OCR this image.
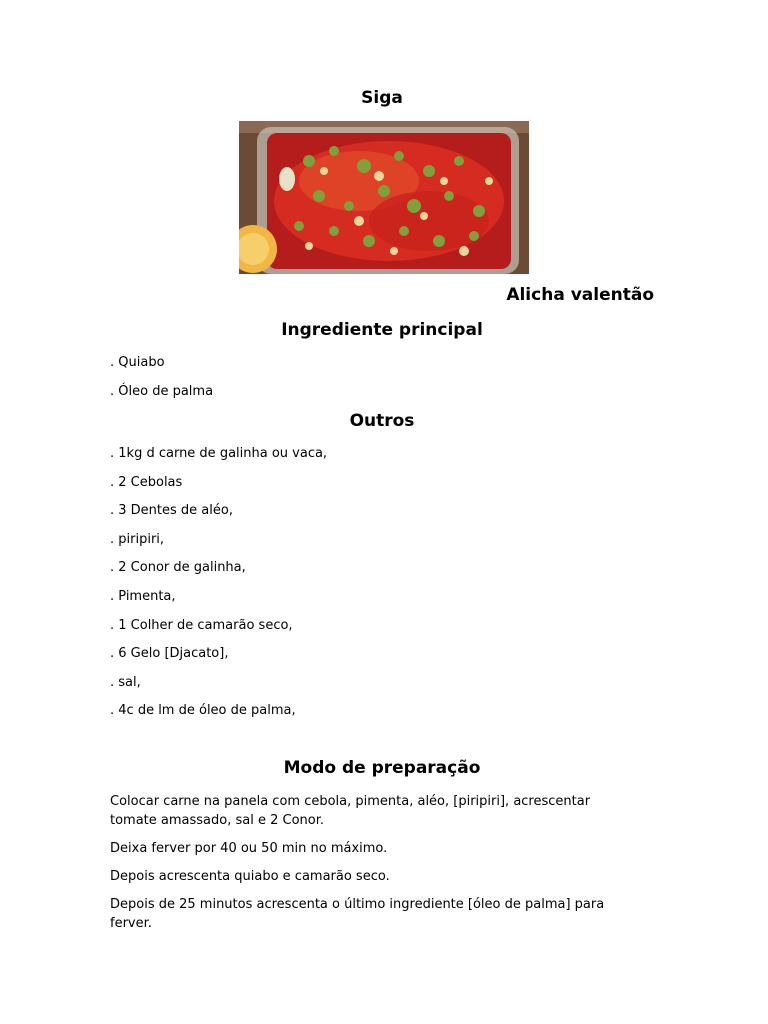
Siga
Alicha valentão
Ingrediente principal
. Quiabo
. Óleo de palma
Outros
. 1kg d carne de galinha ou vaca,
. 2 Cebolas
. 3 Dentes de aléo,
. piripiri,
. 2 Conor de galinha,
. Pimenta,
. 1 Colher de camarão seco,
. 6 Gelo [Djacato],
. sal,
. 4c de lm de óleo de palma,
Modo de preparação

Colocar carne na panela com cebola, pimenta, aléo, [piripiri], acrescentar tomate amassado, sal e 2 Conor.

Deixa ferver por 40 ou 50 min no máximo.

Depois acrescenta quiabo e camarão seco.

Depois de 25 minutos acrescenta o último ingrediente [óleo de palma] para ferver.
